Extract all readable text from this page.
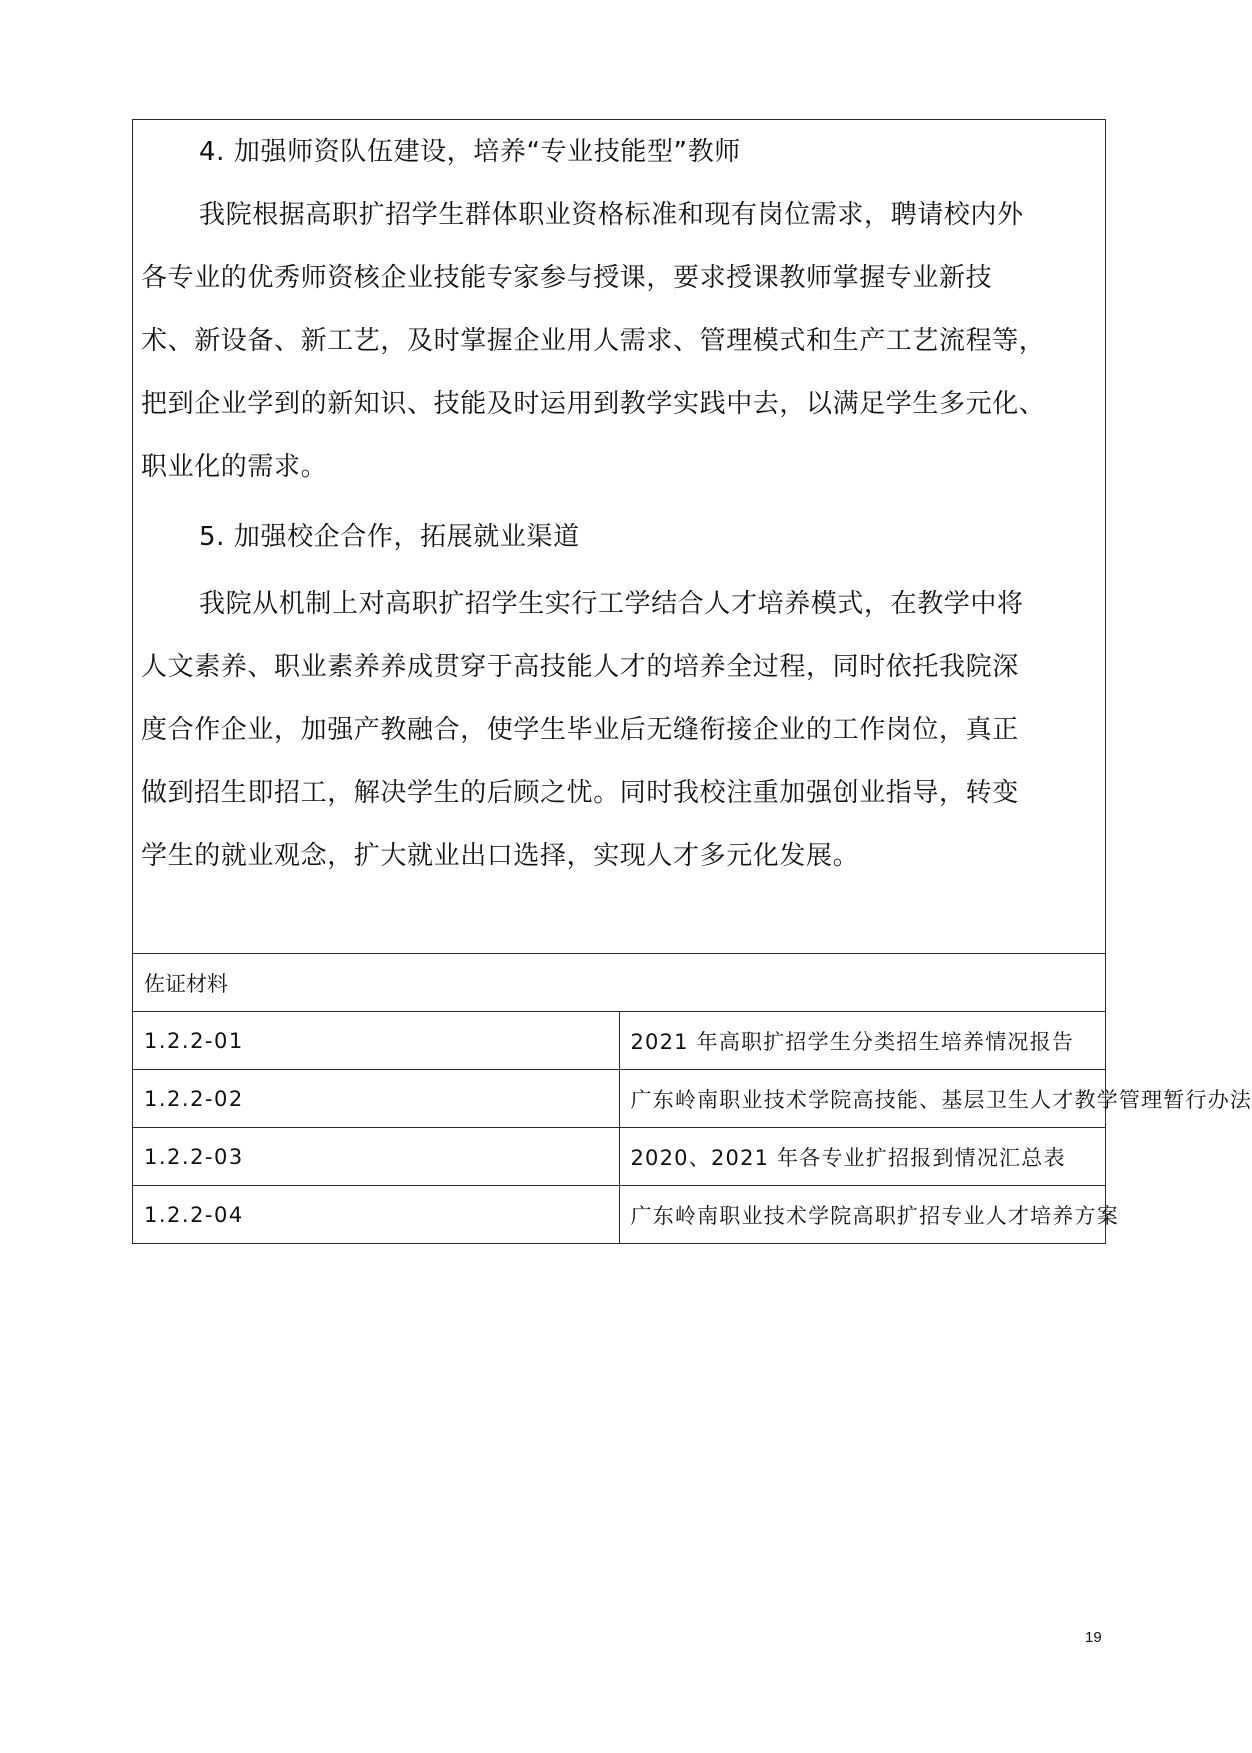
4. 加强师资队伍建设，培养“专业技能型”教师
我院根据高职扩招学生群体职业资格标准和现有岗位需求，聘请校内外
各专业的优秀师资核企业技能专家参与授课，要求授课教师掌握专业新技
术、新设备、新工艺，及时掌握企业用人需求、管理模式和生产工艺流程等，
把到企业学到的新知识、技能及时运用到教学实践中去，以满足学生多元化、
职业化的需求。
5. 加强校企合作，拓展就业渠道
我院从机制上对高职扩招学生实行工学结合人才培养模式，在教学中将
人文素养、职业素养养成贯穿于高技能人才的培养全过程，同时依托我院深
度合作企业，加强产教融合，使学生毕业后无缝衔接企业的工作岗位，真正
做到招生即招工，解决学生的后顾之忧。同时我校注重加强创业指导，转变
学生的就业观念，扩大就业出口选择，实现人才多元化发展。
佐证材料	
1.2.2-01	2021 年高职扩招学生分类招生培养情况报告
1.2.2-02	广东岭南职业技术学院高技能、基层卫生人才教学管理暂行办法
1.2.2-03	2020、2021 年各专业扩招报到情况汇总表
1.2.2-04	广东岭南职业技术学院高职扩招专业人才培养方案
19
